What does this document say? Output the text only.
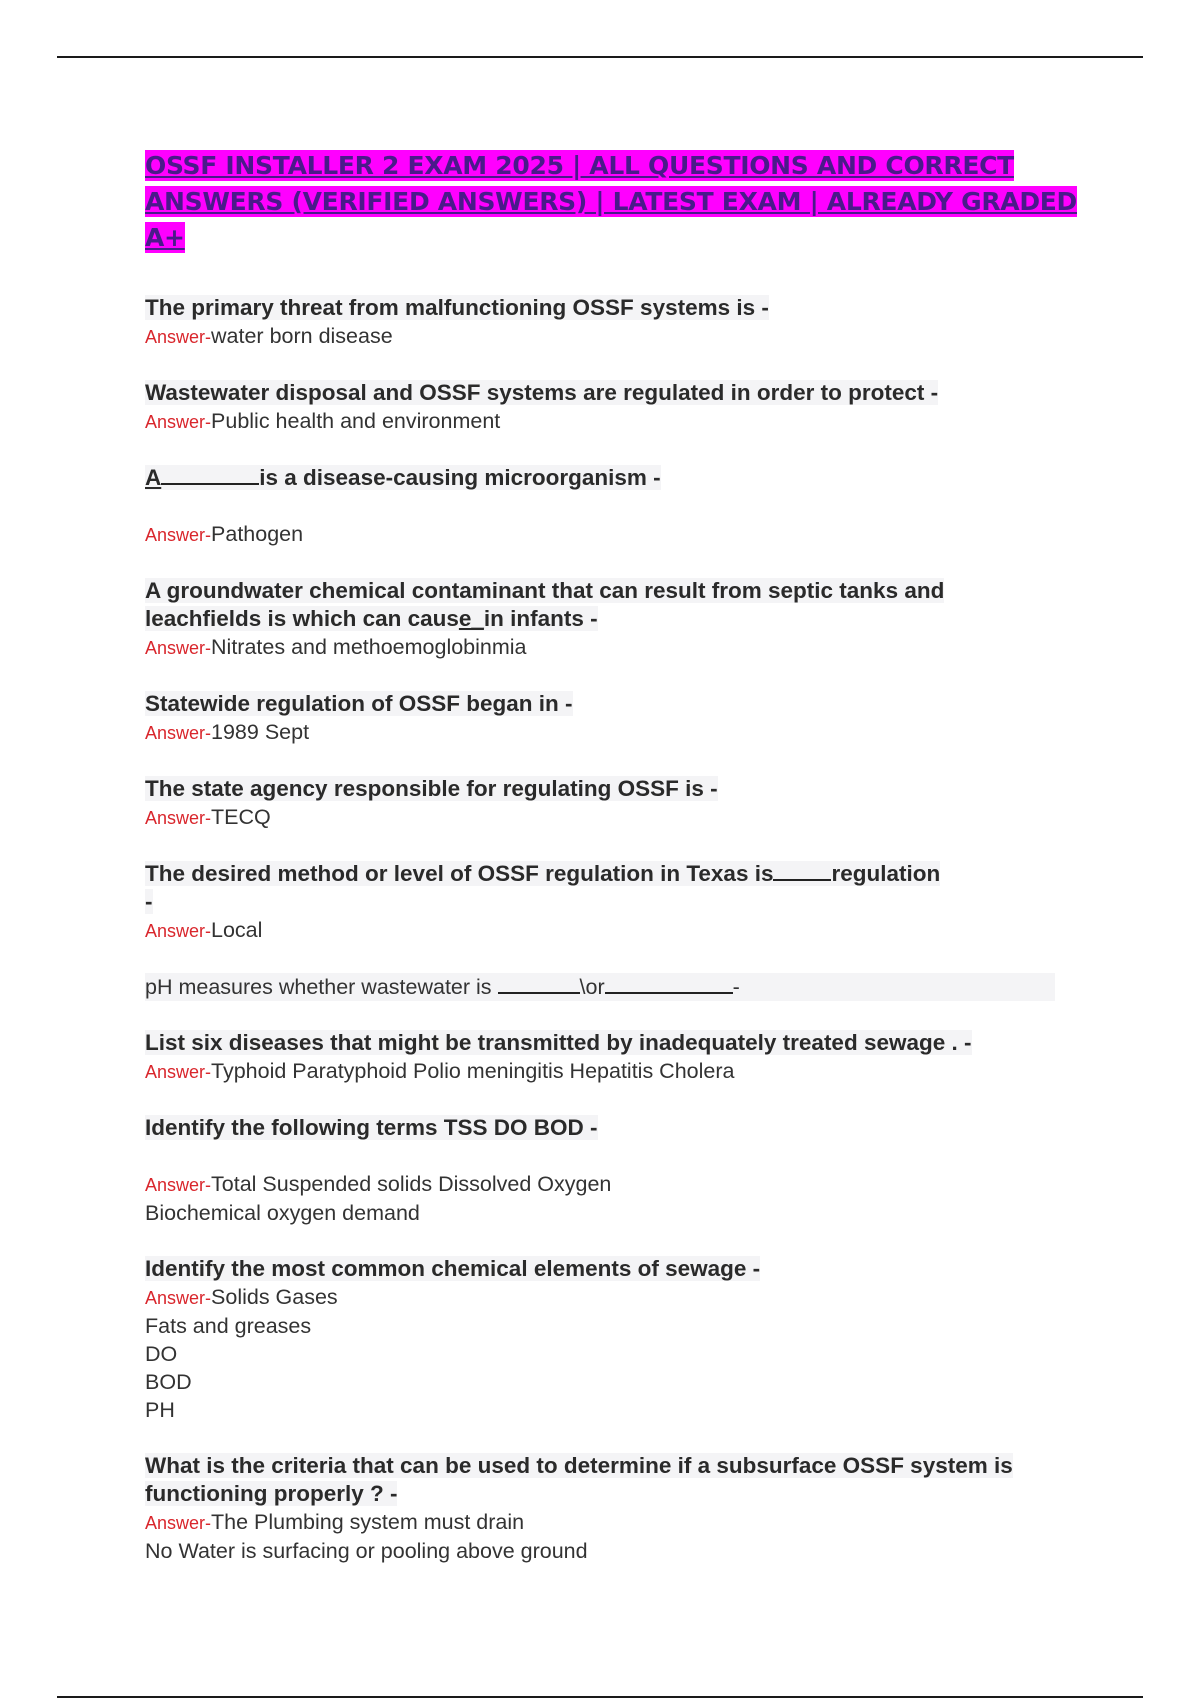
OSSF INSTALLER 2 EXAM 2025 | ALL QUESTIONS AND CORRECT ANSWERS (VERIFIED ANSWERS) | LATEST EXAM | ALREADY GRADED A+

The primary threat from malfunctioning OSSF systems is -

Answer-water born disease

Wastewater disposal and OSSF systems are regulated in order to protect -

Answer-Public health and environment

A	is a disease-causing microorganism -

Answer-Pathogen

A groundwater chemical contaminant that can result from septic tanks and
leachfields is which can cause_in infants -

Answer-Nitrates and methoemoglobinmia

Statewide regulation of OSSF began in -

Answer-1989 Sept

The state agency responsible for regulating OSSF is -

Answer-TECQ

The desired method or level of OSSF regulation in Texas is	regulation
-

Answer-Local

pH measures whether wastewater is	\or	-

List six diseases that might be transmitted by inadequately treated sewage . -

Answer-Typhoid Paratyphoid Polio meningitis Hepatitis Cholera

Identify the following terms TSS DO BOD -

Answer-Total Suspended solids Dissolved Oxygen
Biochemical oxygen demand

Identify the most common chemical elements of sewage -

Answer-Solids Gases
Fats and greases
DO
BOD
PH

What is the criteria that can be used to determine if a subsurface OSSF system is
functioning properly ? -

Answer-The Plumbing system must drain
No Water is surfacing or pooling above ground
